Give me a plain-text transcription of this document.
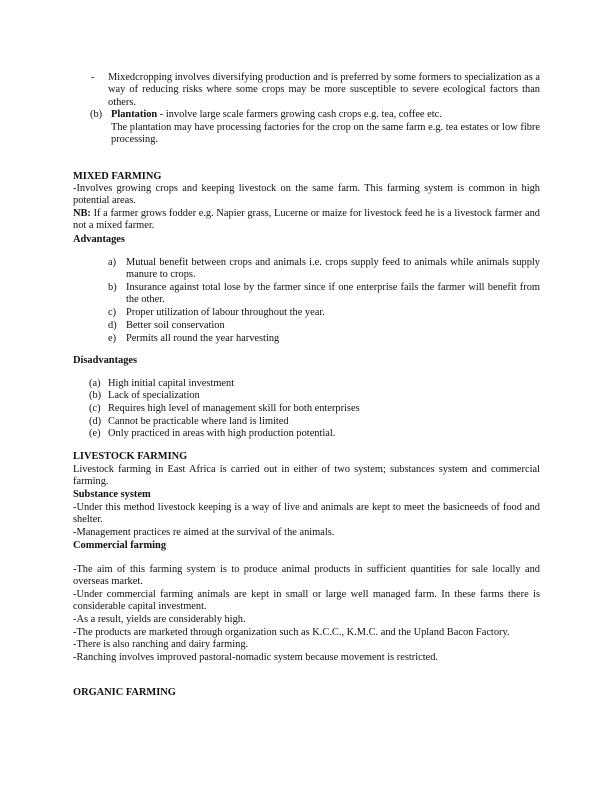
- Mixedcropping involves diversifying production and is preferred by some formers to specialization as a way of reducing risks where some crops may be more susceptible to severe ecological factors than others.
(b) Plantation - involve large scale farmers growing cash crops e.g. tea, coffee etc.
The plantation may have processing factories for the crop on the same farm e.g. tea estates or low fibre processing.
MIXED FARMING
-Involves growing crops and keeping livestock on the same farm. This farming system is common in high potential areas.
NB: If a farmer grows fodder e.g. Napier grass, Lucerne or maize for livestock feed he is a livestock farmer and not a mixed farmer.
Advantages
a) Mutual benefit between crops and animals i.e. crops supply feed to animals while animals supply manure to crops.
b) Insurance against total lose by the farmer since if one enterprise fails the farmer will benefit from the other.
c) Proper utilization of labour throughout the year.
d) Better soil conservation
e) Permits all round the year harvesting
Disadvantages
(a) High initial capital investment
(b) Lack of specialization
(c) Requires high level of management skill for both enterprises
(d) Cannot be practicable where land is limited
(e) Only practiced in areas with high production potential.
LIVESTOCK FARMING
Livestock farming in East Africa is carried out in either of two system; substances system and commercial farming.
Substance system
-Under this method livestock keeping is a way of live and animals are kept to meet the basicneeds of food and shelter.
-Management practices re aimed at the survival of the animals.
Commercial farming
-The aim of this farming system is to produce animal products in sufficient quantities for sale locally and overseas market.
-Under commercial farming animals are kept in small or large well managed farm. In these farms there is considerable capital investment.
-As a result, yields are considerably high.
-The products are marketed through organization such as K.C.C., K.M.C. and the Upland Bacon Factory.
-There is also ranching and dairy farming.
-Ranching involves improved pastoral-nomadic system because movement is restricted.
ORGANIC FARMING
